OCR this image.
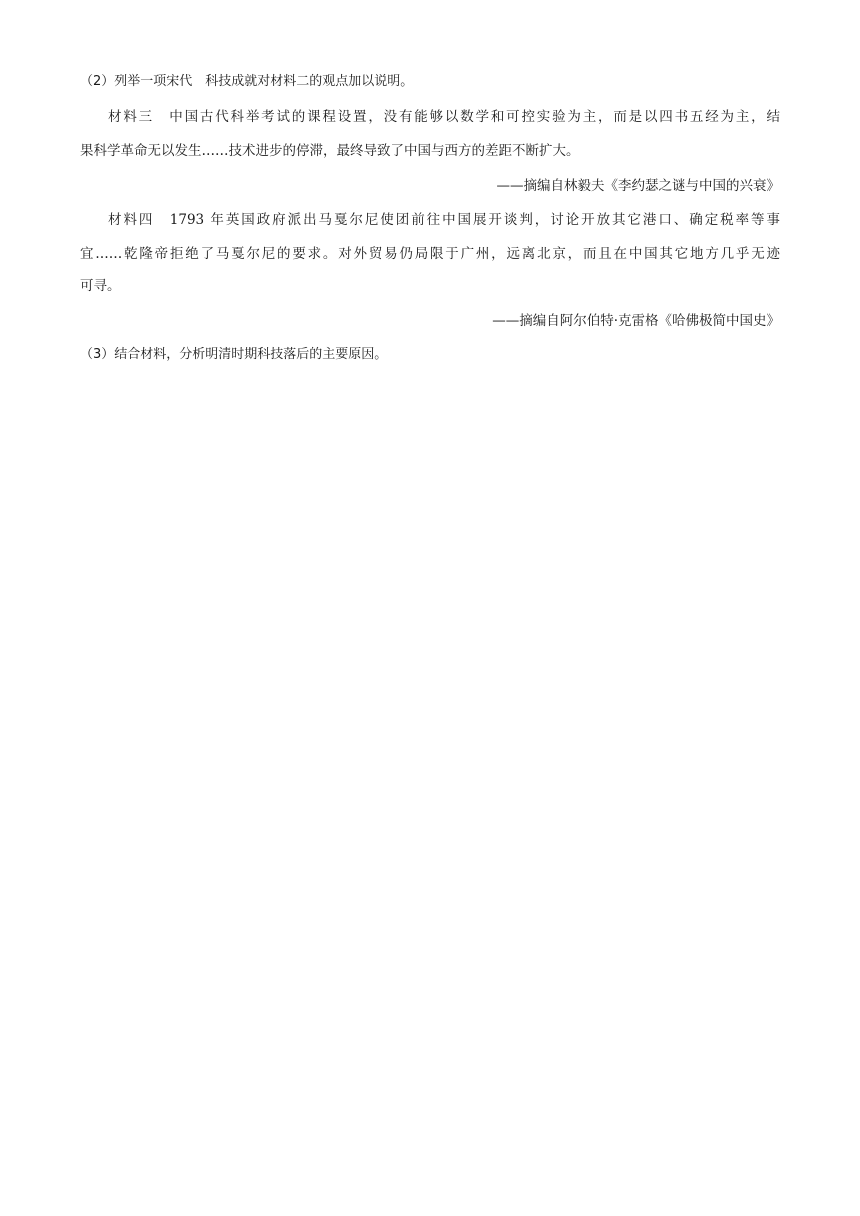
（2）列举一项宋代　科技成就对材料二的观点加以说明。
材料三　中国古代科举考试的课程设置，没有能够以数学和可控实验为主，而是以四书五经为主，结
果科学革命无以发生……技术进步的停滞，最终导致了中国与西方的差距不断扩大。
——摘编自林毅夫《李约瑟之谜与中国的兴衰》
材料四　1793 年英国政府派出马戛尔尼使团前往中国展开谈判，讨论开放其它港口、确定税率等事
宜……乾隆帝拒绝了马戛尔尼的要求。对外贸易仍局限于广州，远离北京，而且在中国其它地方几乎无迹
可寻。
——摘编自阿尔伯特·克雷格《哈佛极简中国史》
（3）结合材料，分析明清时期科技落后的主要原因。
